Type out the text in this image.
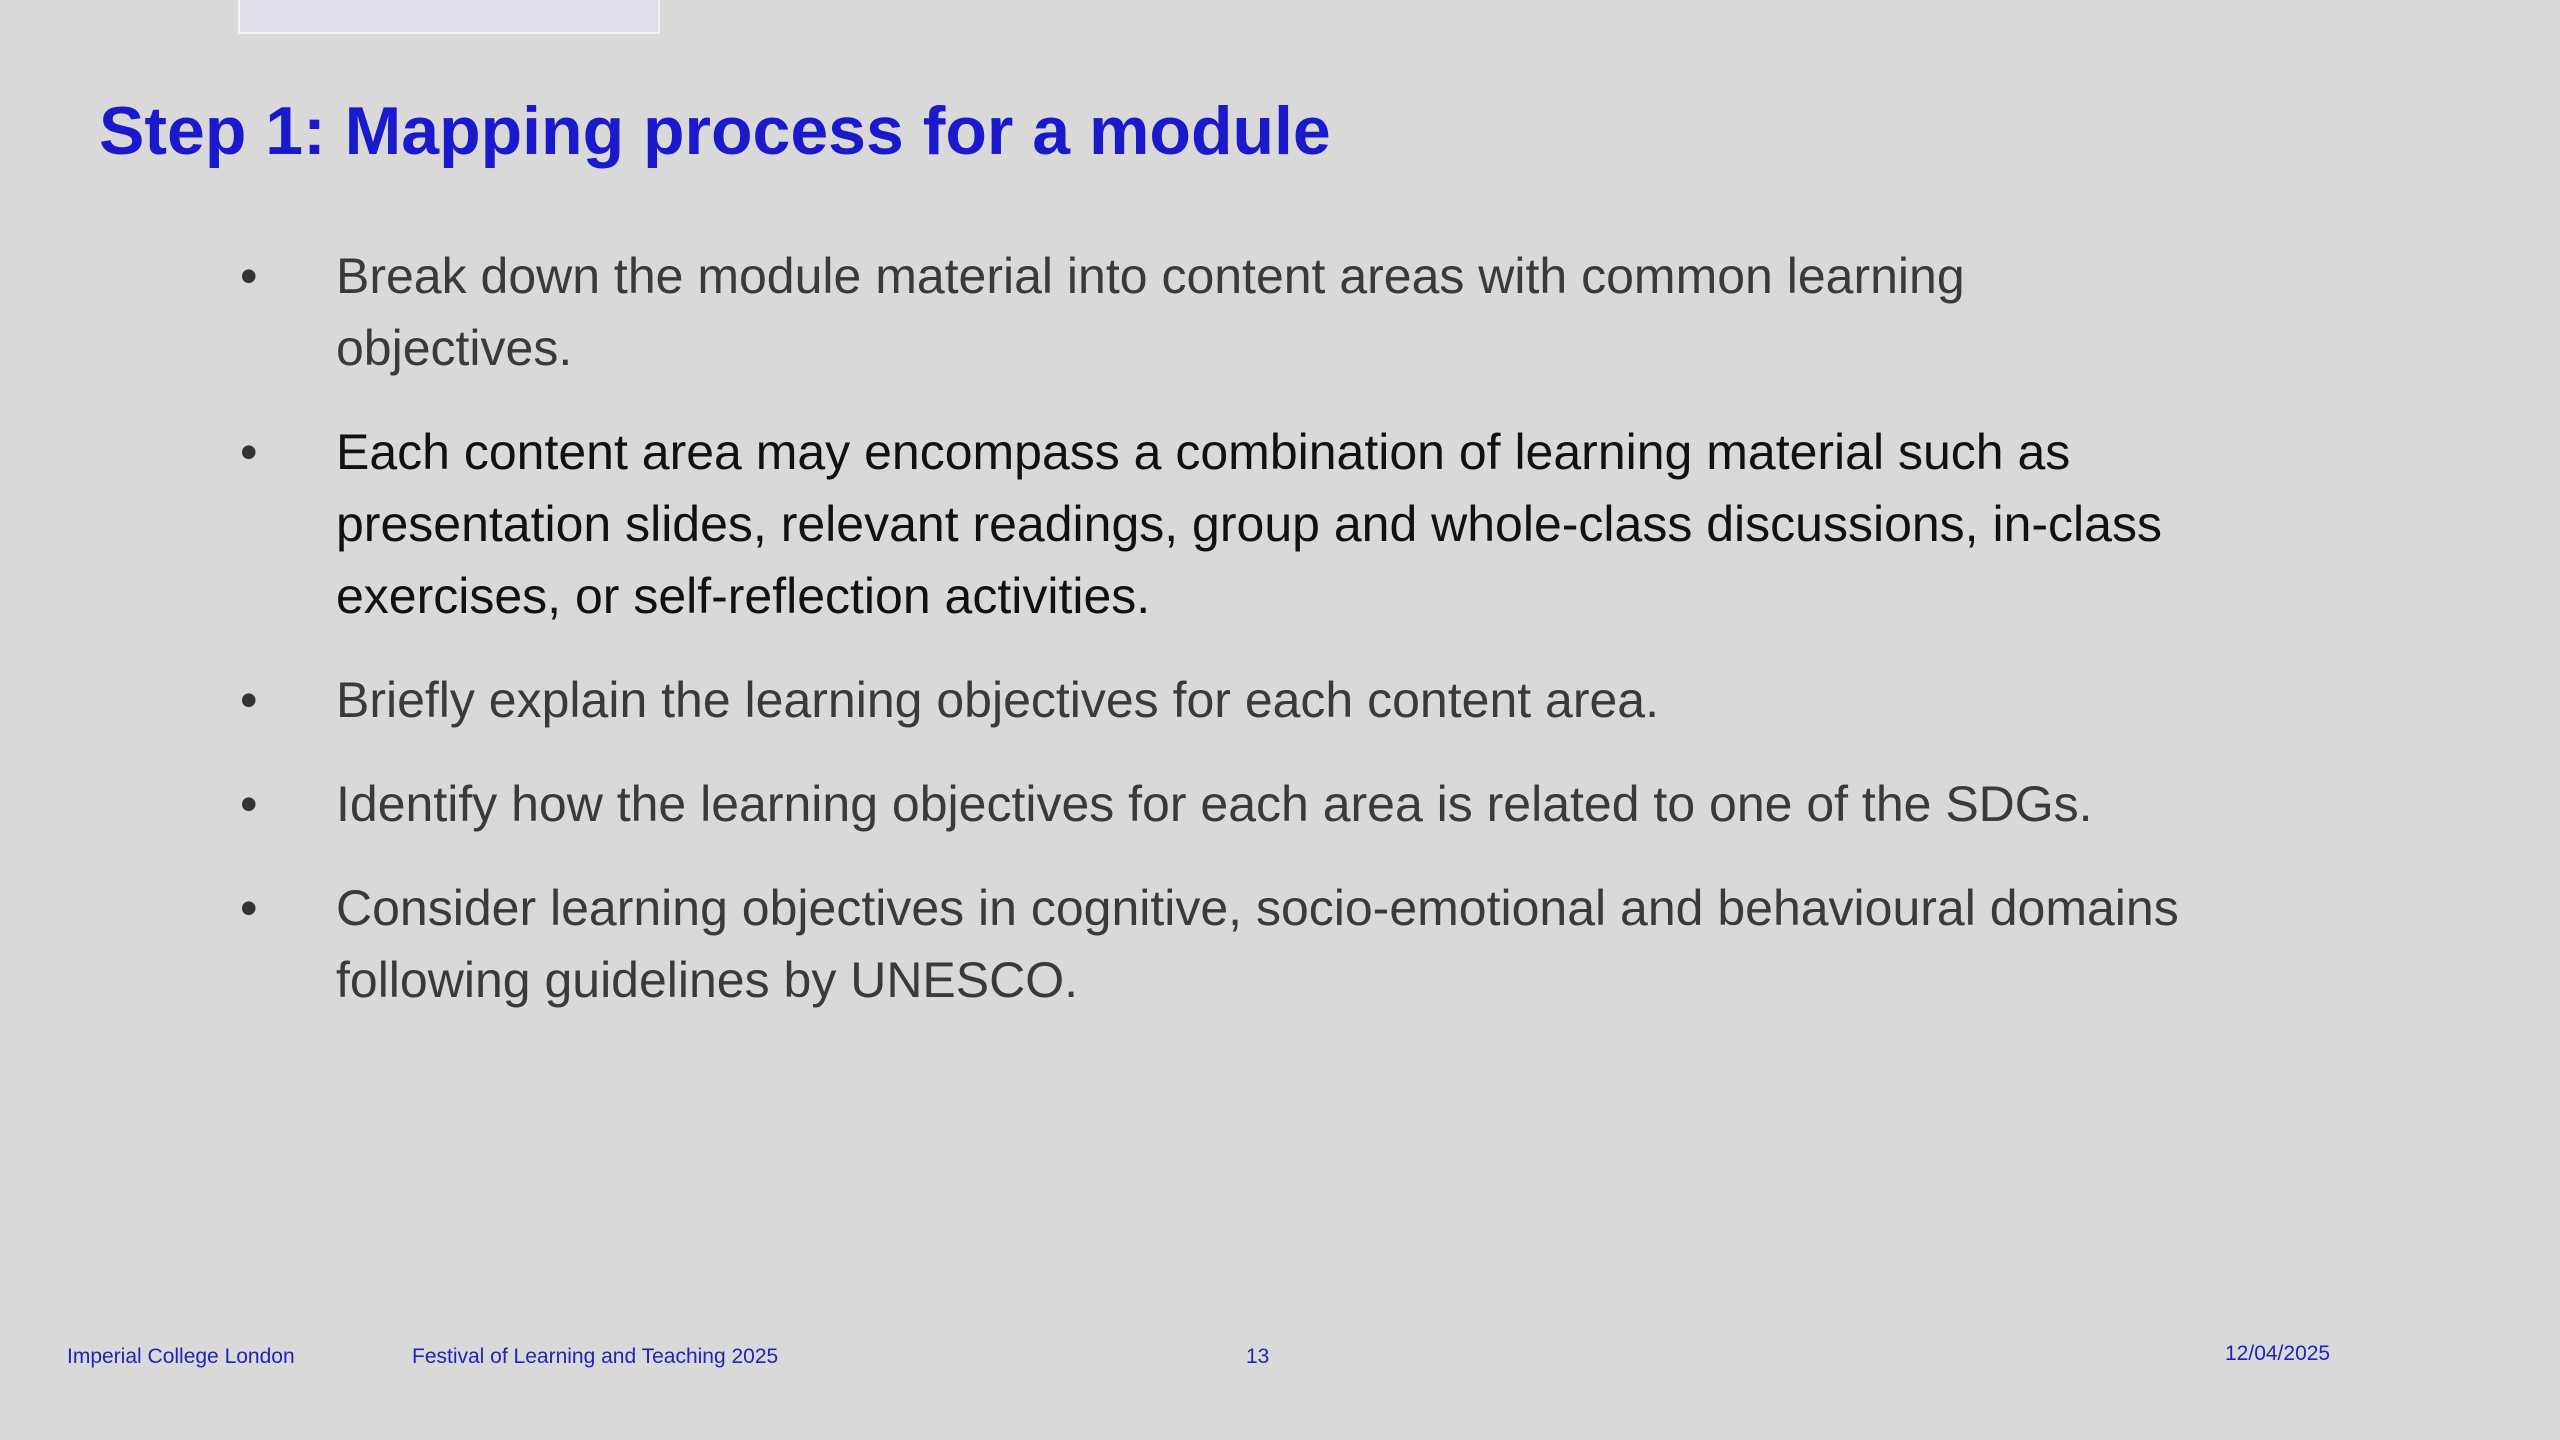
Step 1: Mapping process for a module
• Break down the module material into content areas with common learning objectives.
• Each content area may encompass a combination of learning material such as presentation slides, relevant readings, group and whole-class discussions, in-class exercises, or self-reflection activities.
• Briefly explain the learning objectives for each content area.
• Identify how the learning objectives for each area is related to one of the SDGs.
• Consider learning objectives in cognitive, socio-emotional and behavioural domains following guidelines by UNESCO.
Imperial College London	Festival of Learning and Teaching 2025	13	12/04/2025
